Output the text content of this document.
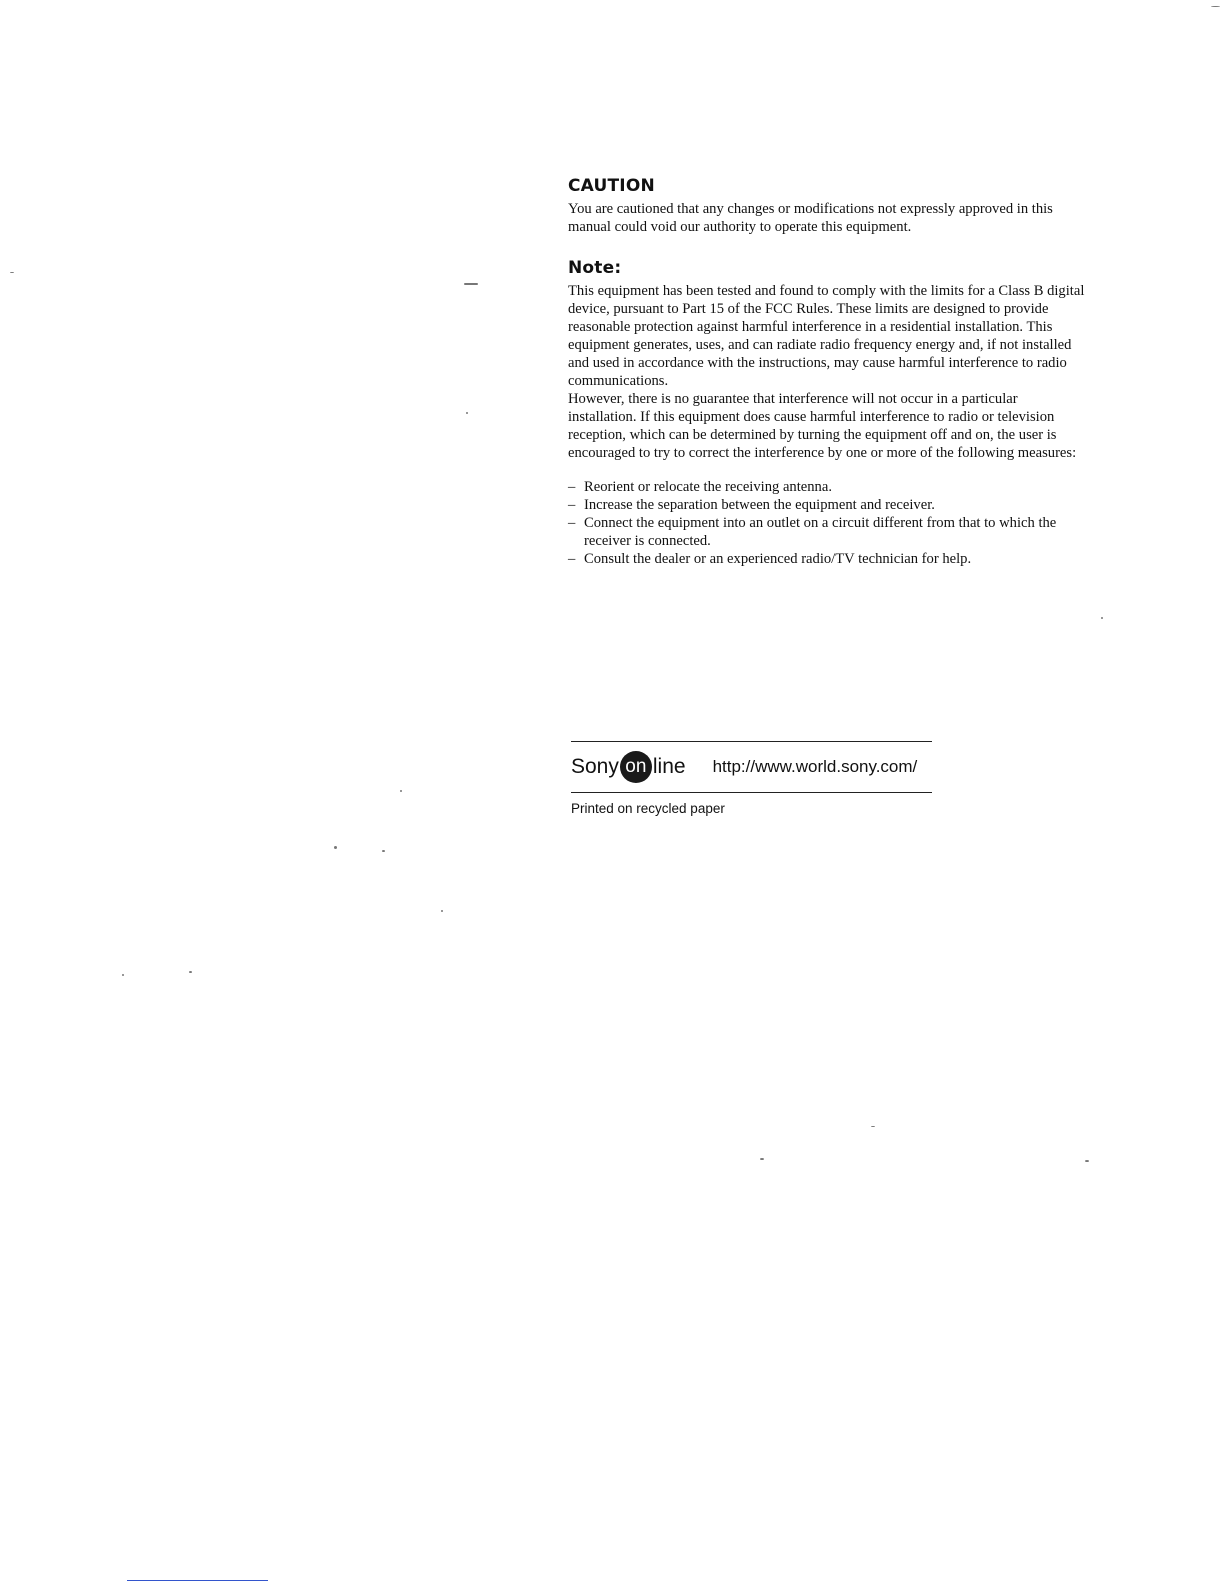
CAUTION

You are cautioned that any changes or modifications not expressly approved in this manual could void our authority to operate this equipment.

Note:

This equipment has been tested and found to comply with the limits for a Class B digital device, pursuant to Part 15 of the FCC Rules. These limits are designed to provide reasonable protection against harmful interference in a residential installation. This equipment generates, uses, and can radiate radio frequency energy and, if not installed and used in accordance with the instructions, may cause harmful interference to radio communications.

However, there is no guarantee that interference will not occur in a particular installation. If this equipment does cause harmful interference to radio or television reception, which can be determined by turning the equipment off and on, the user is encouraged to try to correct the interference by one or more of the following measures:

– Reorient or relocate the receiving antenna.
– Increase the separation between the equipment and receiver.
– Connect the equipment into an outlet on a circuit different from that to which the receiver is connected.
– Consult the dealer or an experienced radio/TV technician for help.
Sony on line http://www.world.sony.com/
Printed on recycled paper
